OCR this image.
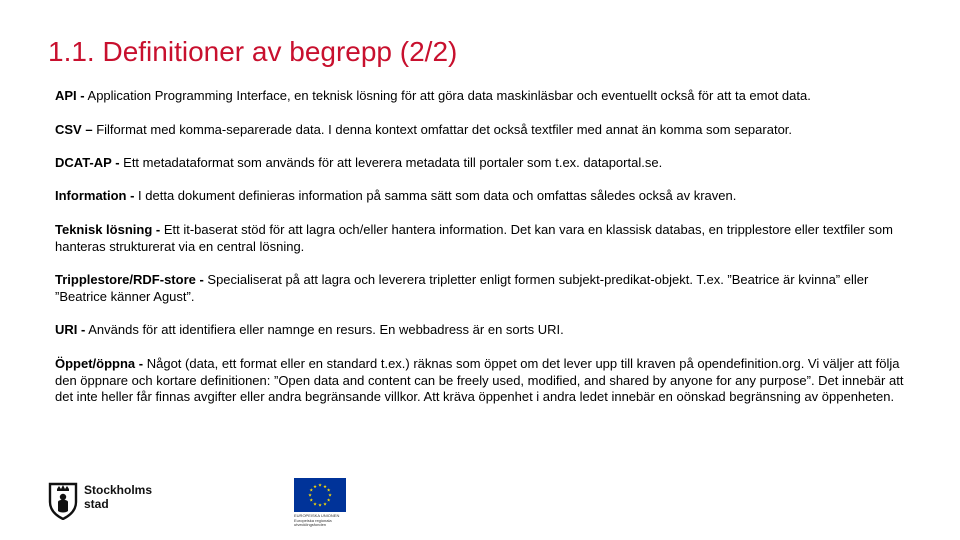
1.1. Definitioner av begrepp (2/2)

API - Application Programming Interface, en teknisk lösning för att göra data maskinläsbar och eventuellt också för att ta emot data.

CSV – Filformat med komma-separerade data. I denna kontext omfattar det också textfiler med annat än komma som separator.

DCAT-AP - Ett metadataformat som används för att leverera metadata till portaler som t.ex. dataportal.se.

Information - I detta dokument definieras information på samma sätt som data och omfattas således också av kraven.

Teknisk lösning - Ett it-baserat stöd för att lagra och/eller hantera information. Det kan vara en klassisk databas, en tripplestore eller textfiler som hanteras strukturerat via en central lösning.

Tripplestore/RDF-store - Specialiserat på att lagra och leverera tripletter enligt formen subjekt-predikat-objekt. T.ex. ”Beatrice är kvinna” eller ”Beatrice känner Agust”.

URI - Används för att identifiera eller namnge en resurs. En webbadress är en sorts URI.

Öppet/öppna - Något (data, ett format eller en standard t.ex.) räknas som öppet om det lever upp till kraven på opendefinition.org. Vi väljer att följa den öppnare och kortare definitionen: ”Open data and content can be freely used, modified, and shared by anyone for any purpose”. Det innebär att det inte heller får finnas avgifter eller andra begränsande villkor. Att kräva öppenhet i andra ledet innebär en oönskad begränsning av öppenheten.

Stockholms
stad
★
★
★
★
★
★
★
★
★ ★ ★
★
EUROPEISKA UNIONEN
Europeiska regionala
utvecklingsfonden
